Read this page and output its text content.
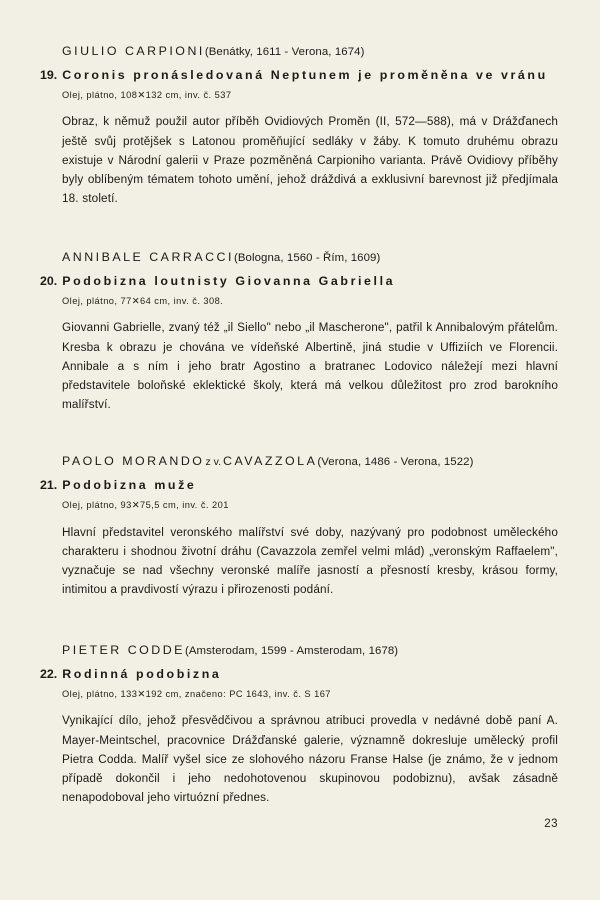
GIULIO CARPIONI(Benátky, 1611 - Verona, 1674)

19. Coronis pronásledovaná Neptunem je proměněna ve vránu

Olej, plátno, 108✕132 cm, inv. č. 537

Obraz, k němuž použil autor příběh Ovidiových Promĕn (II, 572—588), má v Drážďanech ještě svůj protějšek s Latonou proměňující sedláky v žáby. K tomuto druhému obrazu existuje v Národní galerii v Praze pozměněná Carpioniho varianta. Právě Ovidiovy příběhy byly oblíbeným tématem tohoto umění, jehož dráždivá a exklusivní barevnost již předjímala 18. století.

ANNIBALE CARRACCI(Bologna, 1560 - Řím, 1609)

20. Podobizna loutnisty Giovanna Gabriella

Olej, plátno, 77✕64 cm, inv. č. 308.

Giovanni Gabrielle, zvaný též „il Siello" nebo „il Mascherone", patřil k Annibalovým přátelům. Kresba k obrazu je chována ve vídeňské Albertině, jiná studie v Uffiziích ve Florencii. Annibale a s ním i jeho bratr Agostino a bratranec Lodovico náležejí mezi hlavní představitele boloňské eklektické školy, která má velkou důležitost pro zrod barokního malířství.

PAOLO MORANDOz v. CAVAZZOLA(Verona, 1486 - Verona, 1522)

21. Podobizna muže

Olej, plátno, 93✕75,5 cm, inv. č. 201

Hlavní představitel veronského malířství své doby, nazývaný pro podobnost uměleckého charakteru i shodnou životní dráhu (Cavazzola zemřel velmi mlád) „veronským Raffaelem", vyznačuje se nad všechny veronské malíře jasností a přesností kresby, krásou formy, intimitou a pravdivostí výrazu i přirozenosti podání.

PIETER CODDE(Amsterodam, 1599 - Amsterodam, 1678)

22. Rodinná podobizna

Olej, plátno, 133✕192 cm, značeno: PC 1643, inv. č. S 167

Vynikající dílo, jehož přesvědčivou a správnou atribuci provedla v nedávné době paní A. Mayer-Meintschel, pracovnice Drážďanské galerie, významně dokresluje umělecký profil Pietra Codda. Malíř vyšel sice ze slohového názoru Franse Halse (je známo, že v jednom případě dokončil i jeho nedohotovenou skupinovou podobiznu), avšak zásadně nenapodoboval jeho virtuózní přednes.

23
